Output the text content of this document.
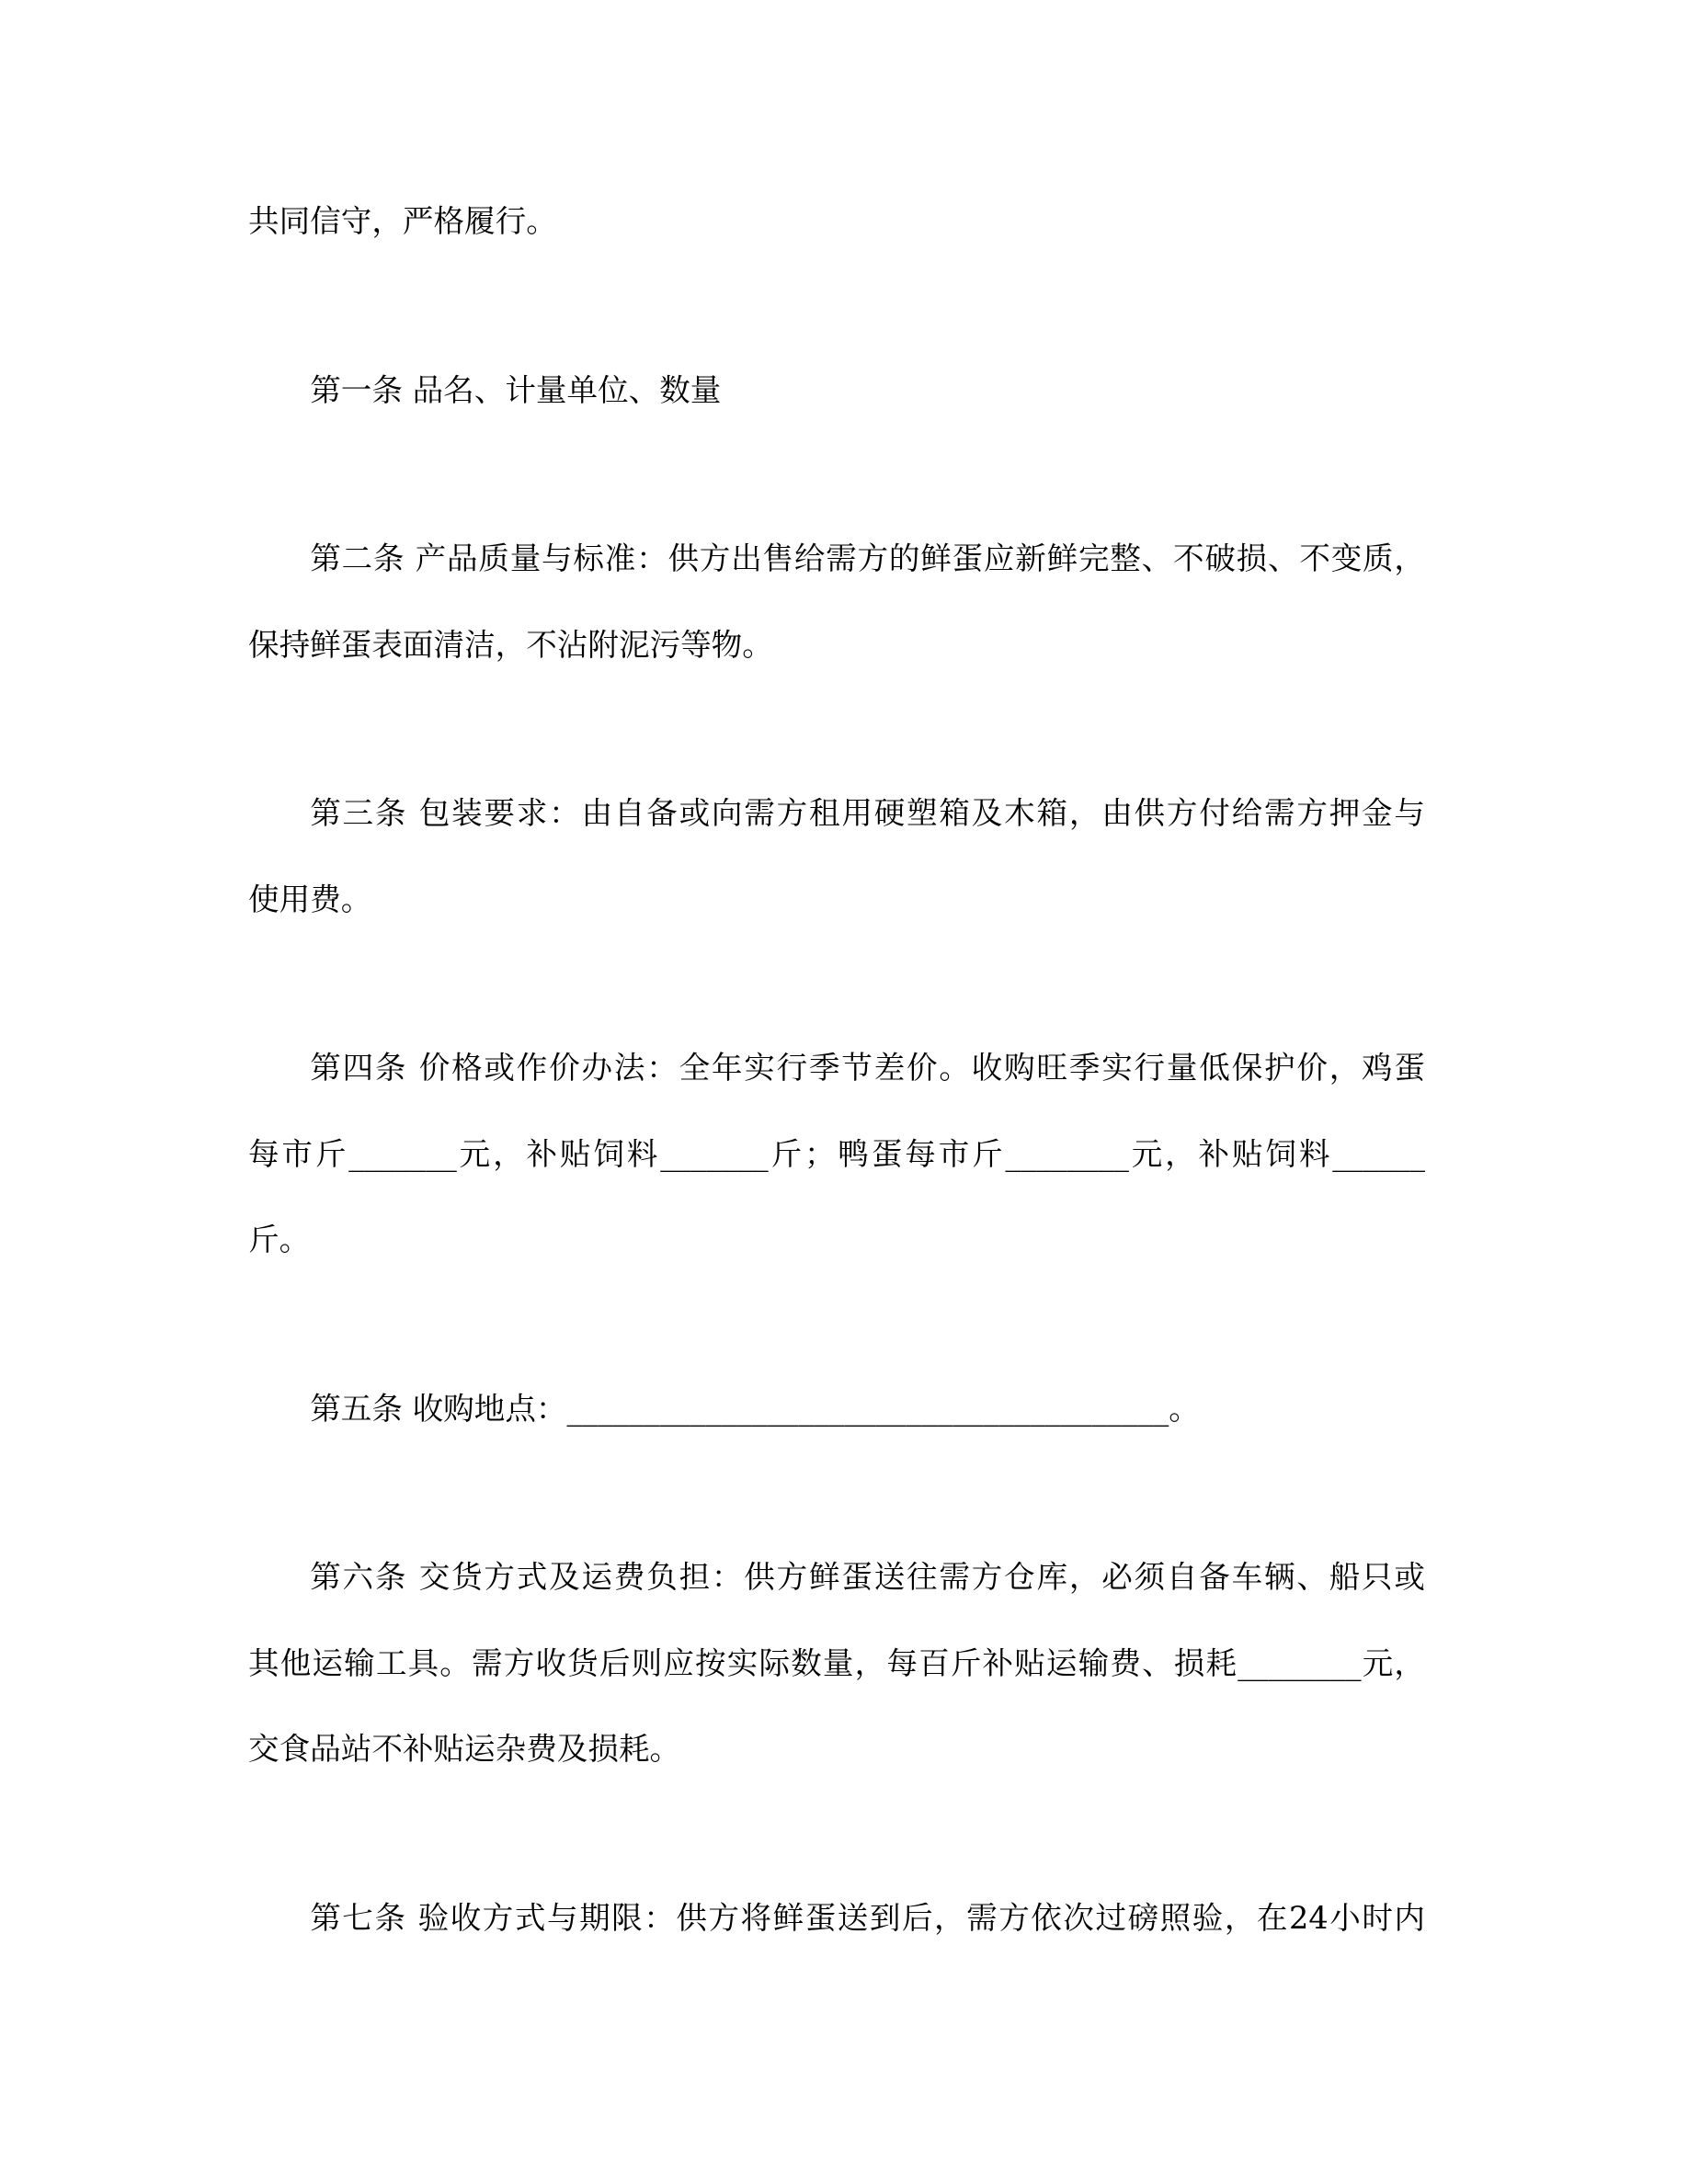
共同信守，严格履行。
第一条 品名、计量单位、数量
第二条 产品质量与标准：供方出售给需方的鲜蛋应新鲜完整、不破损、不变质，
保持鲜蛋表面清洁，不沾附泥污等物。
第三条 包装要求：由自备或向需方租用硬塑箱及木箱，由供方付给需方押金与
使用费。
第四条 价格或作价办法：全年实行季节差价。收购旺季实行量低保护价，鸡蛋
每市斤_______元，补贴饲料_______斤；鸭蛋每市斤________元，补贴饲料______
斤。
第五条 收购地点：_______________________________________。
第六条 交货方式及运费负担：供方鲜蛋送往需方仓库，必须自备车辆、船只或
其他运输工具。需方收货后则应按实际数量，每百斤补贴运输费、损耗________元，
交食品站不补贴运杂费及损耗。
第七条 验收方式与期限：供方将鲜蛋送到后，需方依次过磅照验，在24小时内
